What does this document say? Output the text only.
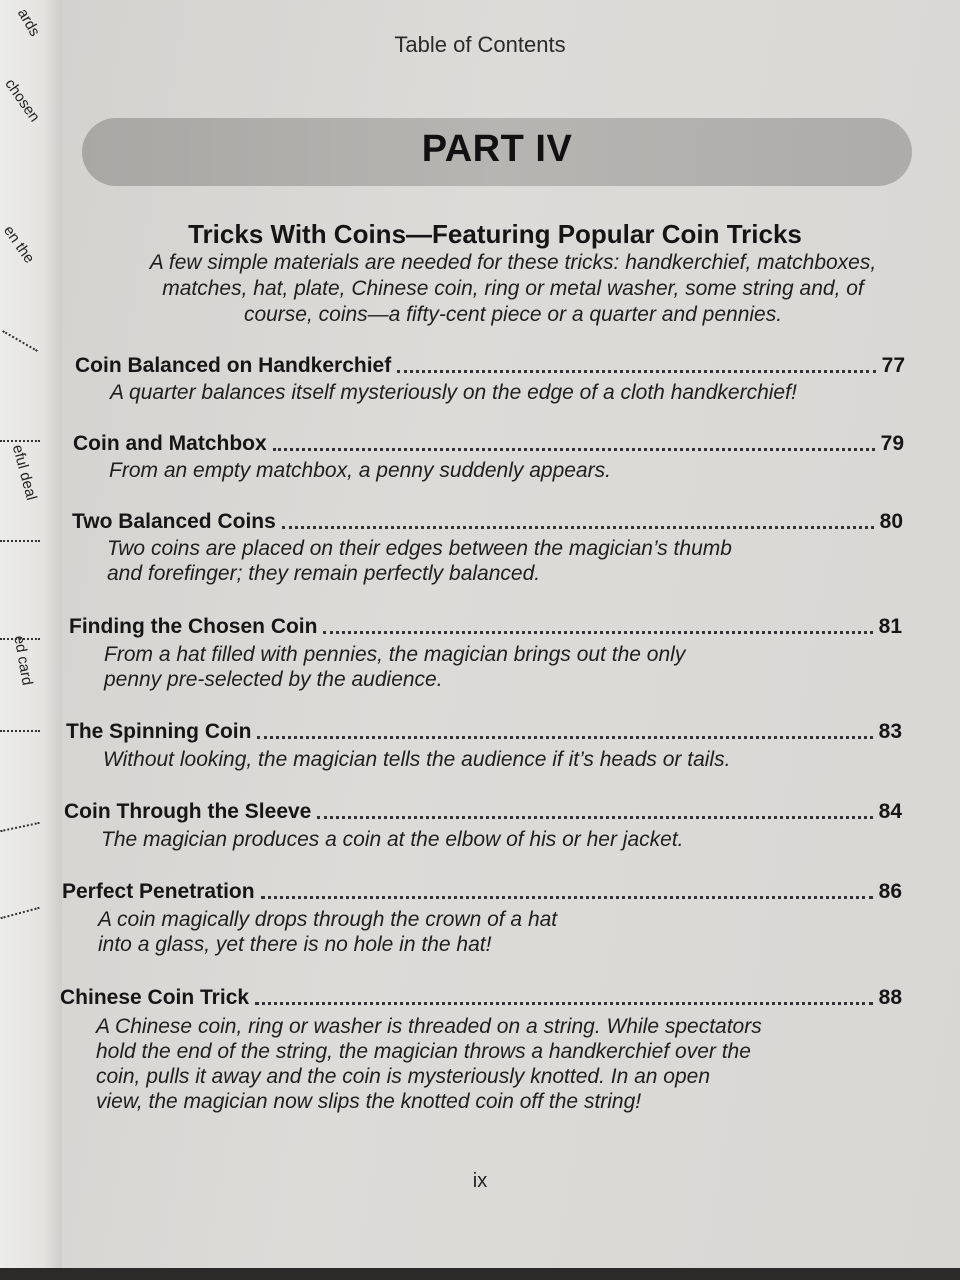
ards
chosen
en the
eful deal
ed card
Table of Contents
PART IV
Tricks With Coins—Featuring Popular Coin Tricks
A few simple materials are needed for these tricks: handkerchief, matchboxes,
matches, hat, plate, Chinese coin, ring or metal washer, some string and, of
course, coins—a fifty-cent piece or a quarter and pennies.
Coin Balanced on Handkerchief	77
A quarter balances itself mysteriously on the edge of a cloth handkerchief!
Coin and Matchbox	79
From an empty matchbox, a penny suddenly appears.
Two Balanced Coins	80
Two coins are placed on their edges between the magician’s thumb
and forefinger; they remain perfectly balanced.
Finding the Chosen Coin	81
From a hat filled with pennies, the magician brings out the only
penny pre-selected by the audience.
The Spinning Coin	83
Without looking, the magician tells the audience if it’s heads or tails.
Coin Through the Sleeve	84
The magician produces a coin at the elbow of his or her jacket.
Perfect Penetration	86
A coin magically drops through the crown of a hat
into a glass, yet there is no hole in the hat!
Chinese Coin Trick	88
A Chinese coin, ring or washer is threaded on a string. While spectators
hold the end of the string, the magician throws a handkerchief over the
coin, pulls it away and the coin is mysteriously knotted. In an open
view, the magician now slips the knotted coin off the string!
ix
